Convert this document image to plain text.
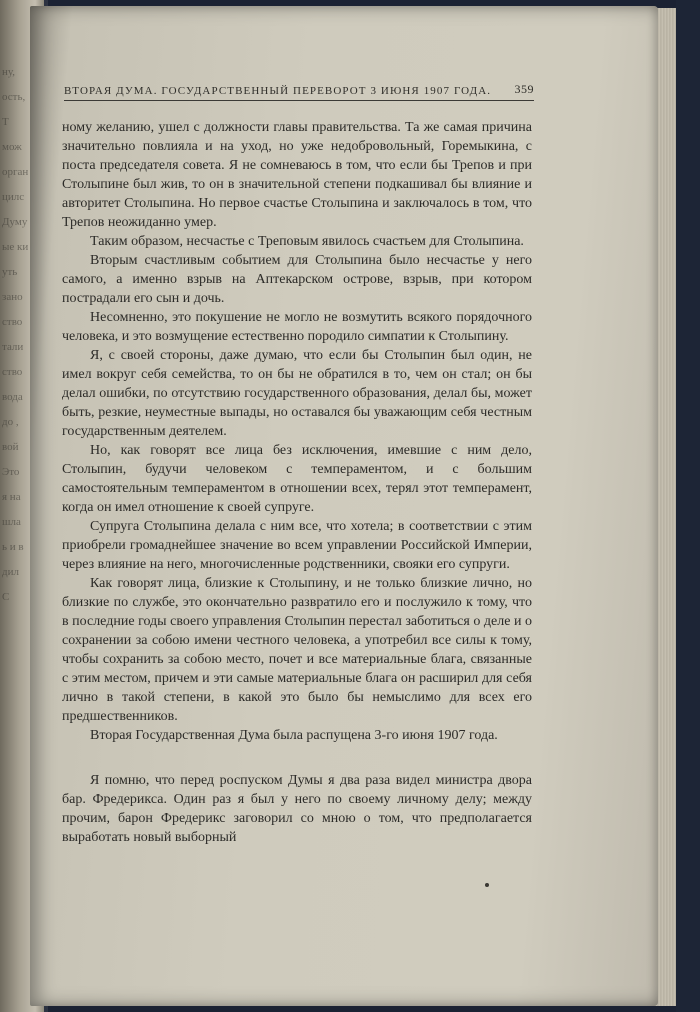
ну,
ость,
Т
мож
орган
цилс
Думу
ые ки
уть
зано
ство
тали
ство
вода
до ,
вой
Это
я на
шла
ь и в
дил
С
ВТОРАЯ ДУМА. ГОСУДАРСТВЕННЫЙ ПЕРЕВОРОТ 3 ИЮНЯ 1907 ГОДА. 359

ному желанию, ушел с должности главы правительства. Та же самая причина значительно повлияла и на уход, но уже недобровольный, Горемыкина, с поста председателя совета. Я не сомневаюсь в том, что если бы Трепов и при Столыпине был жив, то он в значительной степени подкашивал бы влияние и авторитет Столыпина. Но первое счастье Столыпина и заключалось в том, что Трепов неожиданно умер.

Таким образом, несчастье с Треповым явилось счастьем для Столыпина.

Вторым счастливым событием для Столыпина было несчастье у него самого, а именно взрыв на Аптекарском острове, взрыв, при котором пострадали его сын и дочь.

Несомненно, это покушение не могло не возмутить всякого порядочного человека, и это возмущение естественно породило симпатии к Столыпину.

Я, с своей стороны, даже думаю, что если бы Столыпин был один, не имел вокруг себя семейства, то он бы не обратился в то, чем он стал; он бы делал ошибки, по отсутствию государственного образования, делал бы, может быть, резкие, неуместные выпады, но оставался бы уважающим себя честным государственным деятелем.

Но, как говорят все лица без исключения, имевшие с ним дело, Столыпин, будучи человеком с темпераментом, и с большим самостоятельным темпераментом в отношении всех, терял этот темперамент, когда он имел отношение к своей супруге.

Супруга Столыпина делала с ним все, что хотела; в соответствии с этим приобрели громаднейшее значение во всем управлении Российской Империи, через влияние на него, многочисленные родственники, свояки его супруги.

Как говорят лица, близкие к Столыпину, и не только близкие лично, но близкие по службе, это окончательно развратило его и послужило к тому, что в последние годы своего управления Столыпин перестал заботиться о деле и о сохранении за собою имени честного человека, а употребил все силы к тому, чтобы сохранить за собою место, почет и все материальные блага, связанные с этим местом, причем и эти самые материальные блага он расширил для себя лично в такой степени, в какой это было бы немыслимо для всех его предшественников.

Вторая Государственная Дума была распущена 3-го июня 1907 года.

Я помню, что перед роспуском Думы я два раза видел министра двора бар. Фредерикса. Один раз я был у него по своему личному делу; между прочим, барон Фредерикс заговорил со мною о том, что предполагается выработать новый выборный
